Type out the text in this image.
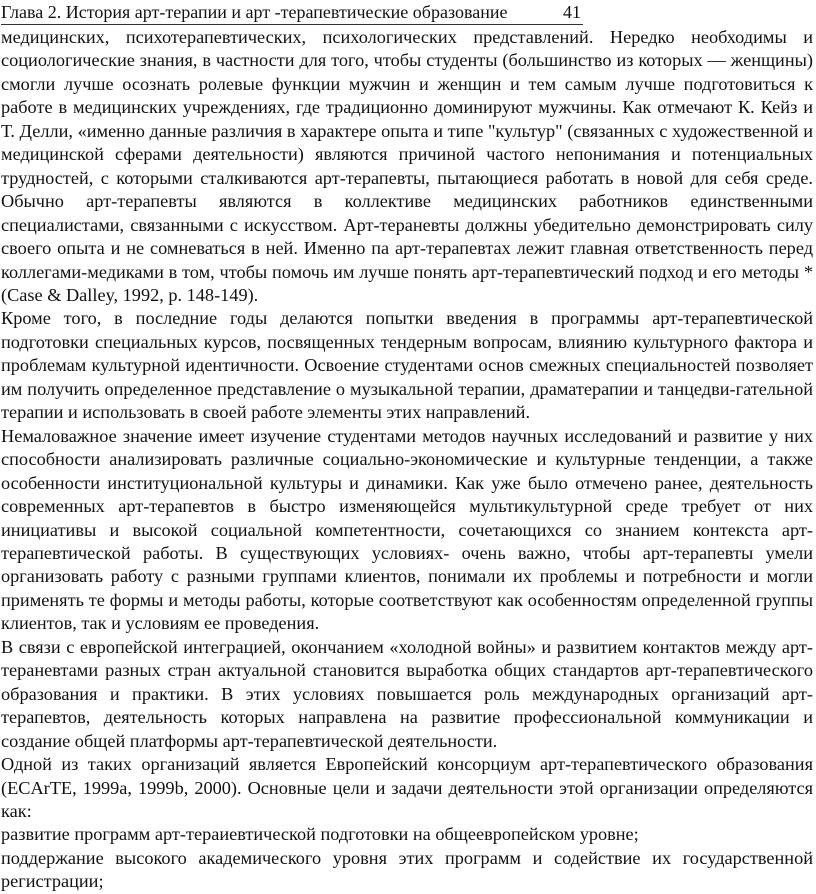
Глава 2. История арт-терапии и арт -терапевтические образование	41

медицинских, психотерапевтических, психологических представлений. Нередко необходимы и социологические знания, в частности для того, чтобы студенты (большинство из которых — женщины) смогли лучше осознать ролевые функции мужчин и женщин и тем самым лучше подготовиться к работе в медицинских учреждениях, где традиционно доминируют мужчины. Как отмечают К. Кейз и Т. Делли, «именно данные различия в характере опыта и типе "культур" (связанных с художественной и медицинской сферами деятельности) являются причиной частого непонимания и потенциальных трудностей, с которыми сталкиваются арт-терапевты, пытающиеся работать в новой для себя среде. Обычно арт-терапевты являются в коллективе медицинских работников единственными специалистами, связанными с искусством. Арт-тераневты должны убедительно демонстрировать силу своего опыта и не сомневаться в ней. Именно па арт-терапевтах лежит главная ответственность перед коллегами-медиками в том, чтобы помочь им лучше понять арт-терапевтический подход и его методы * (Case & Dalley, 1992, p. 148-149).

Кроме того, в последние годы делаются попытки введения в программы арт-терапевтической подготовки специальных курсов, посвященных тендерным вопросам, влиянию культурного фактора и проблемам культурной идентичности. Освоение студентами основ смежных специальностей позволяет им получить определенное представление о музыкальной терапии, драматерапии и танцедви-гательной терапии и использовать в своей работе элементы этих направлений.

Немаловажное значение имеет изучение студентами методов научных исследований и развитие у них способности анализировать различные социально-экономические и культурные тенденции, а также особенности институциональной культуры и динамики. Как уже было отмечено ранее, деятельность современных арт-терапевтов в быстро изменяющейся мультикультурной среде требует от них инициативы и высокой социальной компетентности, сочетающихся со знанием контекста арт-терапевтической работы. В существующих условиях- очень важно, чтобы арт-терапевты умели организовать работу с разными группами клиентов, понимали их проблемы и потребности и могли применять те формы и методы работы, которые соответствуют как особенностям определенной группы клиентов, так и условиям ее проведения.

В связи с европейской интеграцией, окончанием «холодной войны» и развитием контактов между арт-тераневтами разных стран актуальной становится выработка общих стандартов арт-терапевтического образования и практики. В этих условиях повышается роль международных организаций арт-терапевтов, деятельность которых направлена на развитие профессиональной коммуникации и создание общей платформы арт-терапевтической деятельности.

Одной из таких организаций является Европейский консорциум арт-терапевтического образования (ECArTE, 1999a, 1999b, 2000). Основные цели и задачи деятельности этой организации определяются как:

развитие программ арт-тераиевтической подготовки на общеевропейском уровне;

поддержание высокого академического уровня этих программ и содействие их государственной регистрации;
